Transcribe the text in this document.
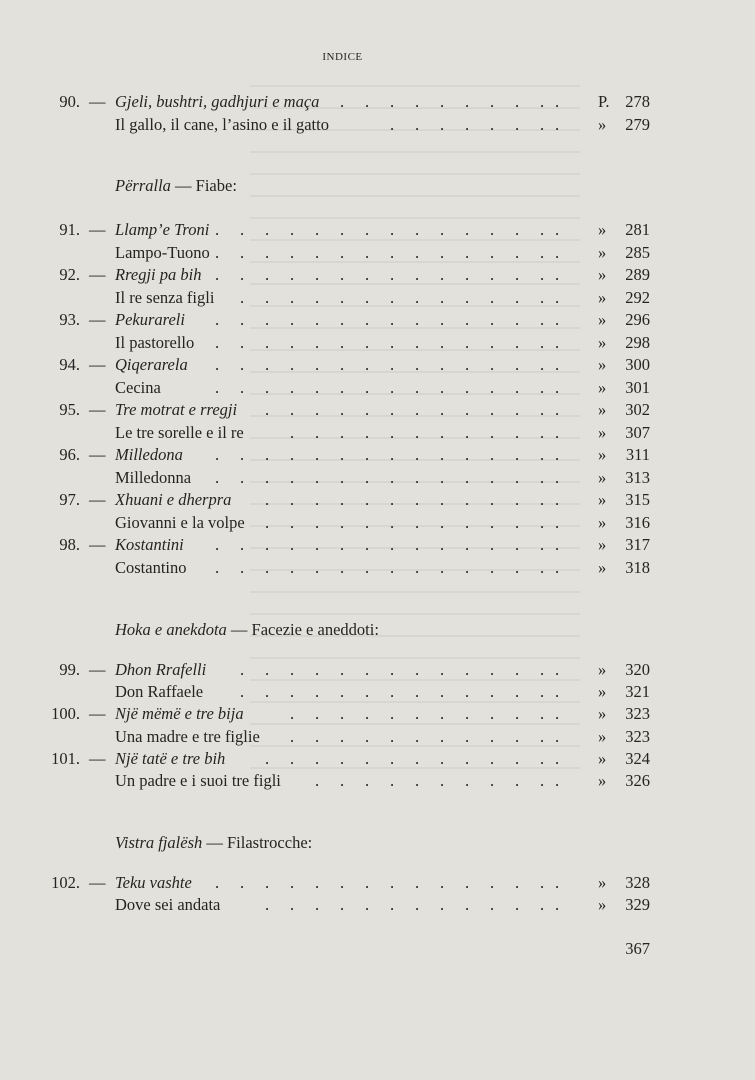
INDICE
Përralla — Fiabe:
Hoka e anekdota — Facezie e aneddoti:
Vistra fjalësh — Filastrocche:
. . . . . . . . . .
90. — Gjeli, bushtri, gadhjuri e maça	P. 278
. . . . . . . .
Il gallo, il cane, l’asino e il gatto	» 279
. . . . . . . . . . . . . . .
91. — Llamp’e Troni	» 281
. . . . . . . . . . . . . . .
Lampo-Tuono	» 285
. . . . . . . . . . . . . . .
92. — Rregji pa bih	» 289
. . . . . . . . . . . . . .
Il re senza figli	» 292
. . . . . . . . . . . . . . .
93. — Pekurareli	» 296
. . . . . . . . . . . . . . .
Il pastorello	» 298
. . . . . . . . . . . . . . .
94. — Qiqerarela	» 300
. . . . . . . . . . . . . . .
Cecina	» 301
. . . . . . . . . . . . .
95. — Tre motrat e rregji	» 302
. . . . . . . . . . . .
Le tre sorelle e il re	» 307
. . . . . . . . . . . . . . .
96. — Milledona	» 311
. . . . . . . . . . . . . . .
Milledonna	» 313
. . . . . . . . . . . . .
97. — Xhuani e dherpra	» 315
. . . . . . . . . . . . .
Giovanni e la volpe	» 316
. . . . . . . . . . . . . . .
98. — Kostantini	» 317
. . . . . . . . . . . . . . .
Costantino	» 318
. . . . . . . . . . . . . .
99. — Dhon Rrafelli	» 320
. . . . . . . . . . . . . .
Don Raffaele	» 321
. . . . . . . . . . . .
100. — Një mëmë e tre bija	» 323
. . . . . . . . . . . .
Una madre e tre figlie	» 323
. . . . . . . . . . . . .
101. — Një tatë e tre bih	» 324
. . . . . . . . . . .
Un padre e i suoi tre figli	» 326
. . . . . . . . . . . . . . .
102. — Teku vashte	» 328
. . . . . . . . . . . . .
Dove sei andata	» 329
367
